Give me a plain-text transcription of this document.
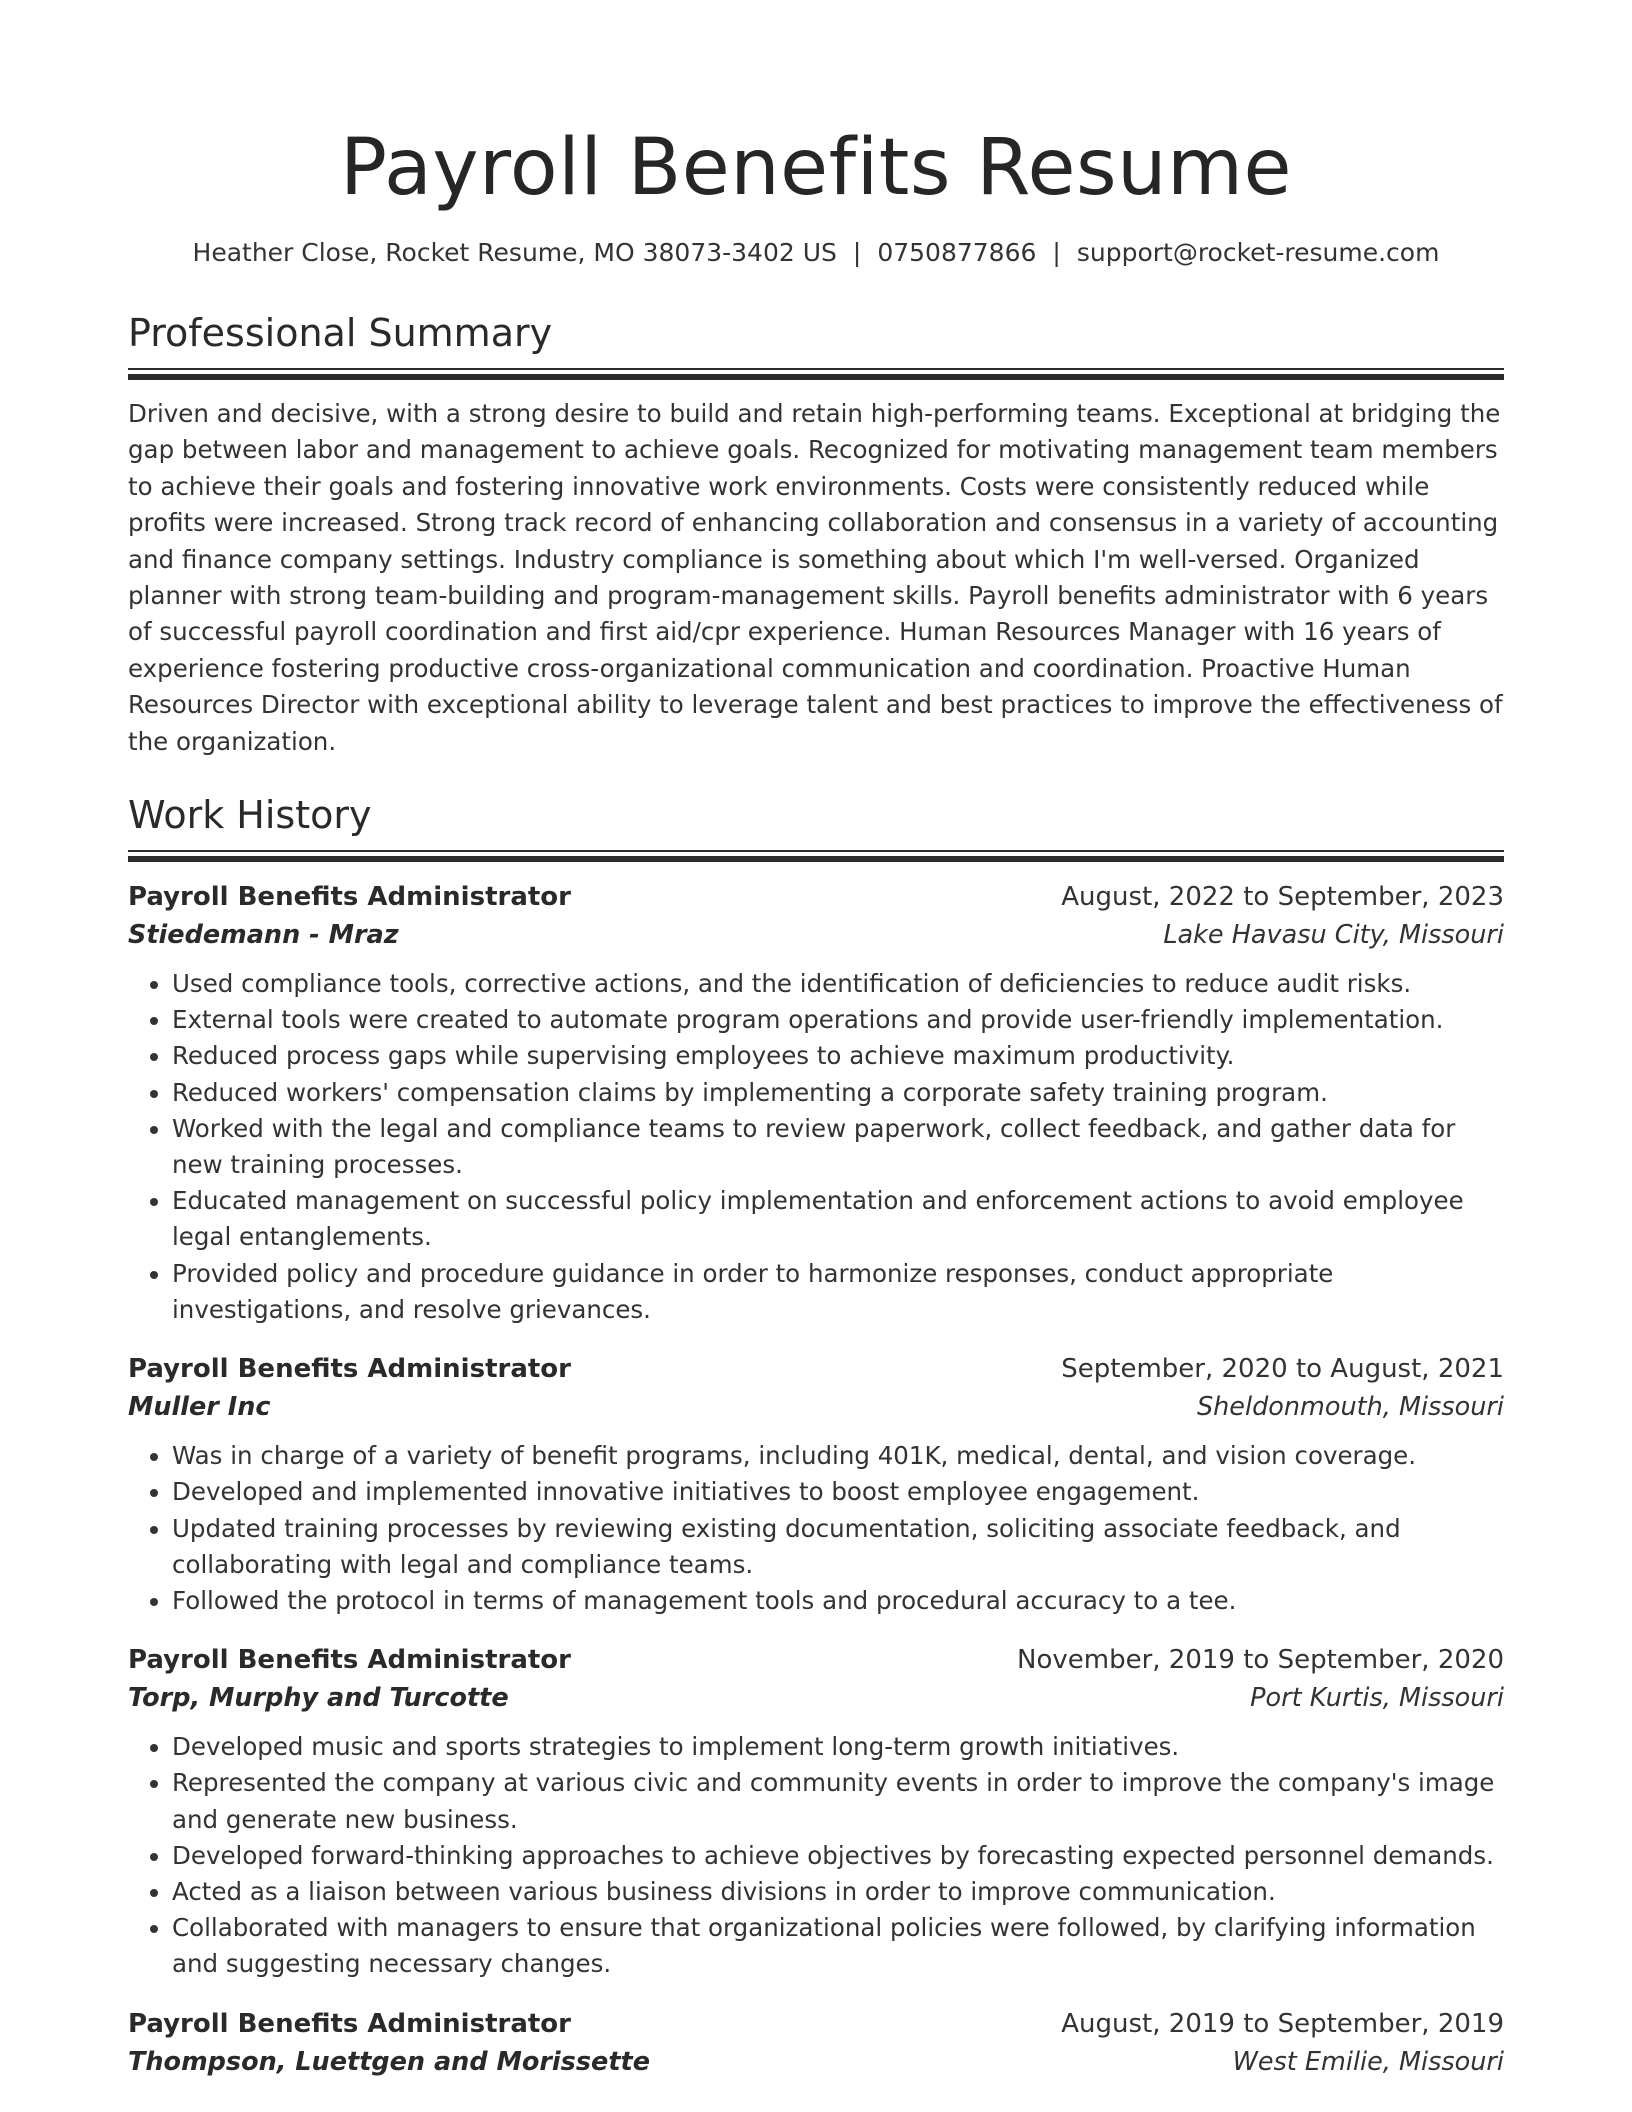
Payroll Benefits Resume
Heather Close, Rocket Resume, MO 38073-3402 US | 0750877866 | support@rocket-resume.com
Professional Summary

Driven and decisive, with a strong desire to build and retain high-performing teams. Exceptional at bridging the gap between labor and management to achieve goals. Recognized for motivating management team members to achieve their goals and fostering innovative work environments. Costs were consistently reduced while profits were increased. Strong track record of enhancing collaboration and consensus in a variety of accounting and finance company settings. Industry compliance is something about which I'm well-versed. Organized planner with strong team-building and program-management skills. Payroll benefits administrator with 6 years of successful payroll coordination and first aid/cpr experience. Human Resources Manager with 16 years of experience fostering productive cross-organizational communication and coordination. Proactive Human Resources Director with exceptional ability to leverage talent and best practices to improve the effectiveness of the organization.

Work History
Payroll Benefits Administrator	August, 2022 to September, 2023
Stiedemann - Mraz	Lake Havasu City, Missouri
• Used compliance tools, corrective actions, and the identification of deficiencies to reduce audit risks.
• External tools were created to automate program operations and provide user-friendly implementation.
• Reduced process gaps while supervising employees to achieve maximum productivity.
• Reduced workers' compensation claims by implementing a corporate safety training program.
• Worked with the legal and compliance teams to review paperwork, collect feedback, and gather data for new training processes.
• Educated management on successful policy implementation and enforcement actions to avoid employee legal entanglements.
• Provided policy and procedure guidance in order to harmonize responses, conduct appropriate investigations, and resolve grievances.
Payroll Benefits Administrator	September, 2020 to August, 2021
Muller Inc	Sheldonmouth, Missouri
• Was in charge of a variety of benefit programs, including 401K, medical, dental, and vision coverage.
• Developed and implemented innovative initiatives to boost employee engagement.
• Updated training processes by reviewing existing documentation, soliciting associate feedback, and collaborating with legal and compliance teams.
• Followed the protocol in terms of management tools and procedural accuracy to a tee.
Payroll Benefits Administrator	November, 2019 to September, 2020
Torp, Murphy and Turcotte	Port Kurtis, Missouri
• Developed music and sports strategies to implement long-term growth initiatives.
• Represented the company at various civic and community events in order to improve the company's image and generate new business.
• Developed forward-thinking approaches to achieve objectives by forecasting expected personnel demands.
• Acted as a liaison between various business divisions in order to improve communication.
• Collaborated with managers to ensure that organizational policies were followed, by clarifying information and suggesting necessary changes.
Payroll Benefits Administrator	August, 2019 to September, 2019
Thompson, Luettgen and Morissette	West Emilie, Missouri
